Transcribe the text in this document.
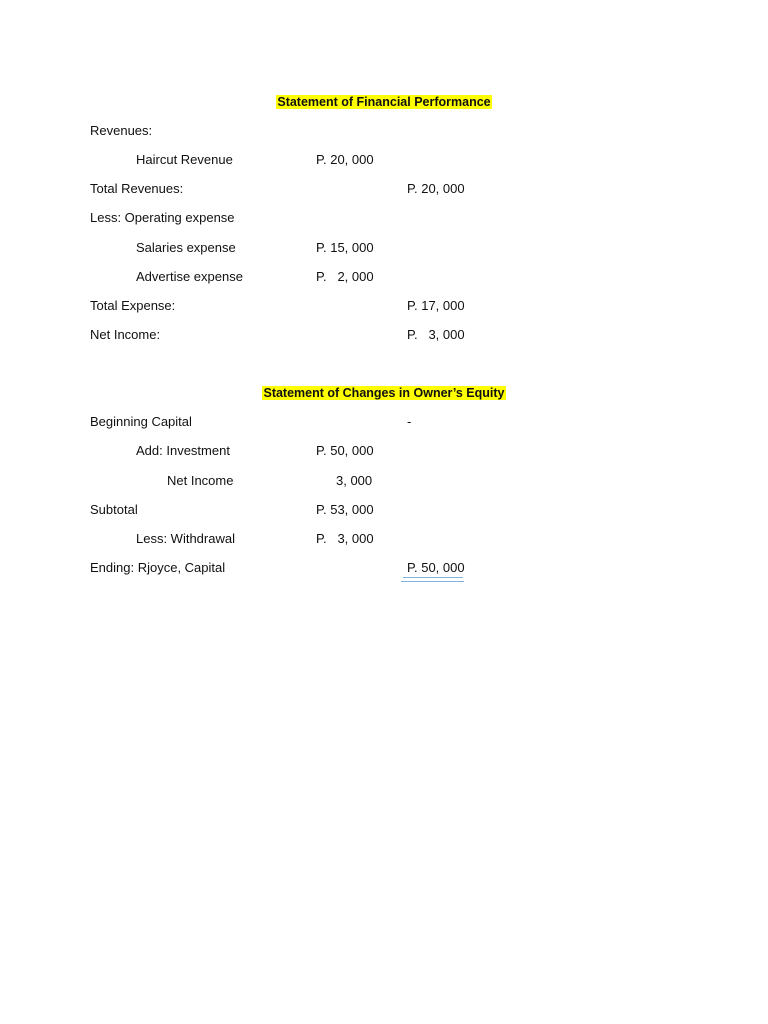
Statement of Financial Performance
Revenues:
Haircut Revenue	P. 20, 000
Total Revenues:	P. 20, 000
Less: Operating expense
Salaries expense	P. 15, 000
Advertise expense	P.   2, 000
Total Expense:	P. 17, 000
Net Income:	P.   3, 000
Statement of Changes in Owner’s Equity
Beginning Capital	-
Add: Investment	P. 50, 000
Net Income	3, 000
Subtotal	P. 53, 000
Less: Withdrawal	P.   3, 000
Ending: Rjoyce, Capital	P. 50, 000
